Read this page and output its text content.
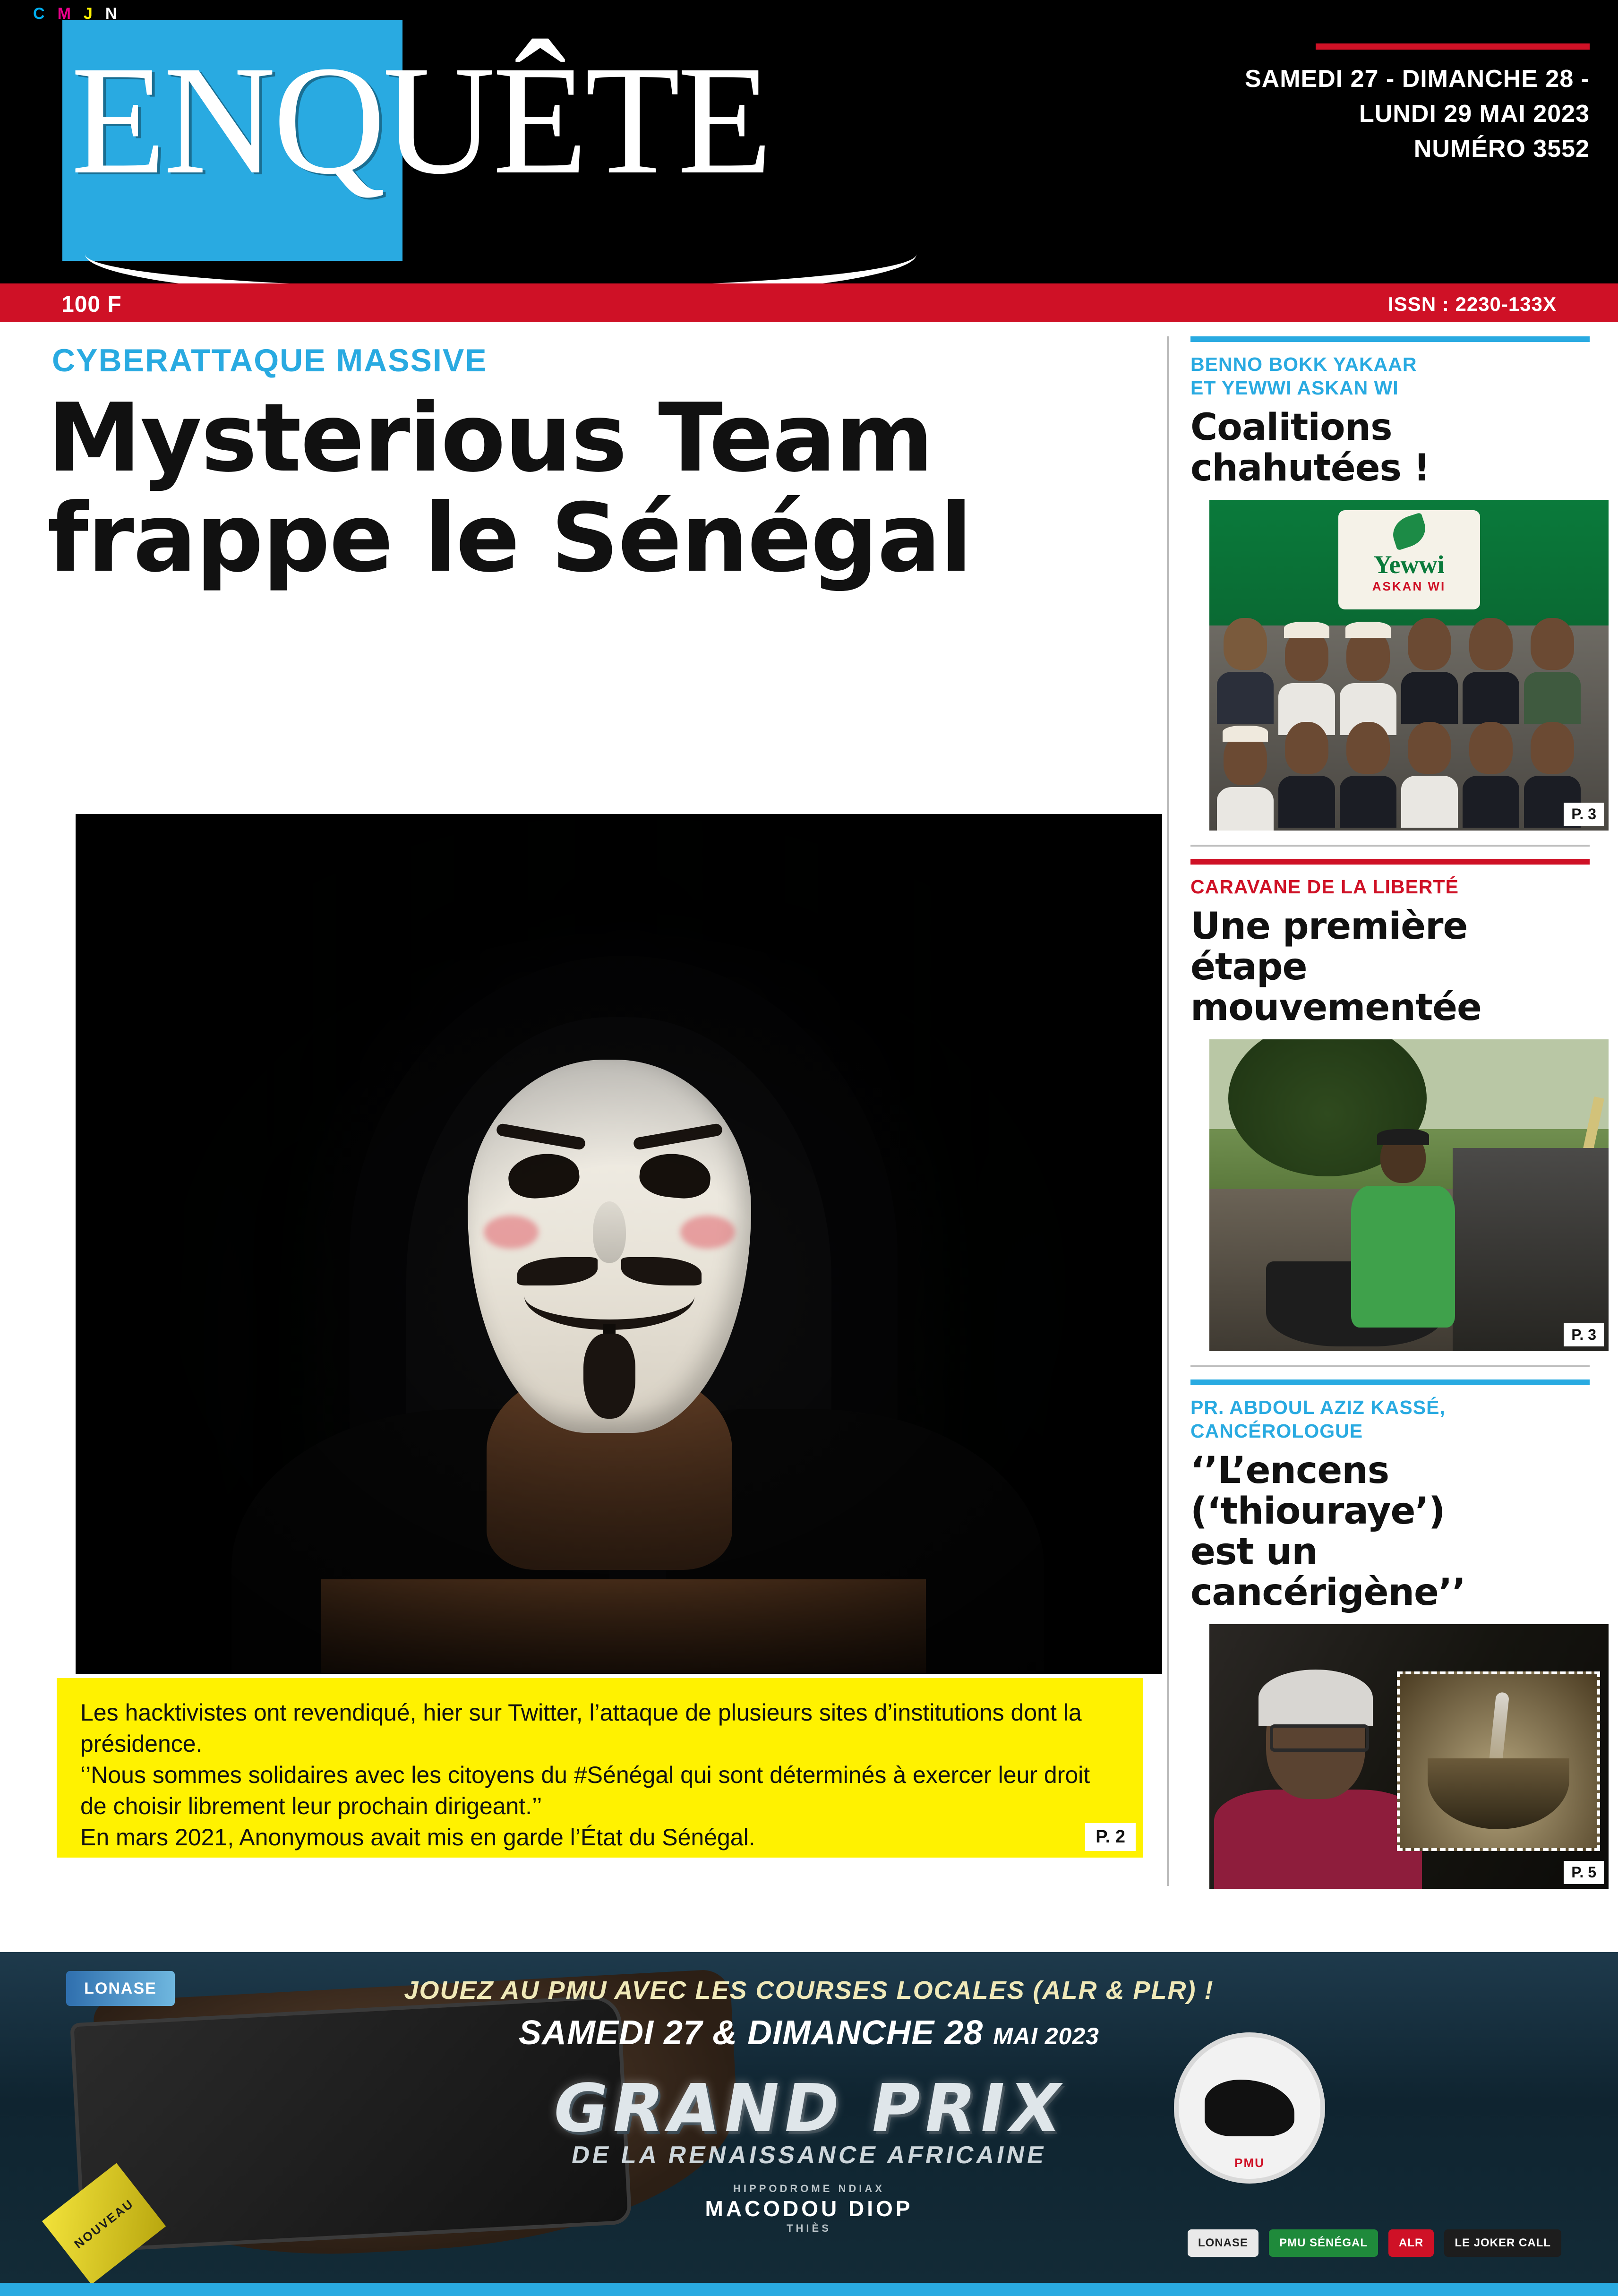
C M J N
ENQUÊTE	SAMEDI 27 - DIMANCHE 28 -
LUNDI 29 MAI 2023
NUMÉRO 3552
100 F	ISSN : 2230-133X
CYBERATTAQUE MASSIVE
Mysterious Team
frappe le Sénégal

Les hacktivistes ont revendiqué, hier sur Twitter, l’attaque de plusieurs sites d’institutions dont la présidence.

‘’Nous sommes solidaires avec les citoyens du #Sénégal qui sont déterminés à exercer leur droit de choisir librement leur prochain dirigeant.’’

En mars 2021, Anonymous avait mis en garde l’État du Sénégal.	P. 2
BENNO BOKK YAKAAR
ET YEWWI ASKAN WI
Coalitions
chahutées !
Yewwi
ASKAN WI
P. 3
CARAVANE DE LA LIBERTÉ
Une première étape
mouvementée
P. 3
PR. ABDOUL AZIZ KASSÉ, CANCÉROLOGUE
‘’L’encens (‘thiouraye’)
est un cancérigène’’
P. 5
LONASE
NOUVEAU
JOUEZ AU PMU AVEC LES COURSES LOCALES (ALR & PLR) !
SAMEDI 27 & DIMANCHE 28 MAI 2023
GRAND PRIX
DE LA RENAISSANCE AFRICAINE
HIPPODROME NDIAX
MACODOU DIOP
THIÈS
PMU
LONASE	PMU SÉNÉGAL	ALR	LE JOKER CALL
